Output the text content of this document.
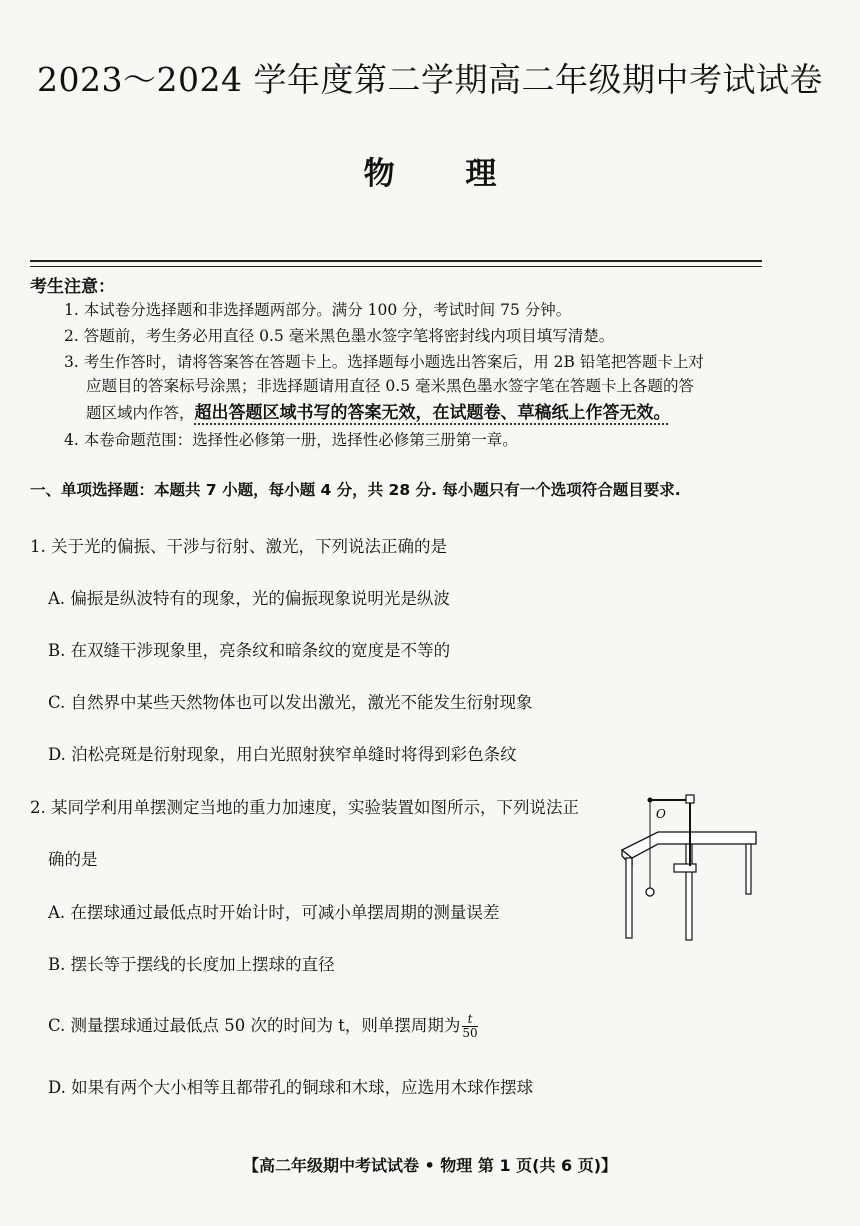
2023～2024 学年度第二学期高二年级期中考试试卷
物 理
考生注意：
1. 本试卷分选择题和非选择题两部分。满分 100 分，考试时间 75 分钟。
2. 答题前，考生务必用直径 0.5 毫米黑色墨水签字笔将密封线内项目填写清楚。
3. 考生作答时，请将答案答在答题卡上。选择题每小题选出答案后，用 2B 铅笔把答题卡上对
应题目的答案标号涂黑；非选择题请用直径 0.5 毫米黑色墨水签字笔在答题卡上各题的答
题区域内作答，超出答题区域书写的答案无效，在试题卷、草稿纸上作答无效。
4. 本卷命题范围：选择性必修第一册，选择性必修第三册第一章。
一、单项选择题：本题共 7 小题，每小题 4 分，共 28 分. 每小题只有一个选项符合题目要求.
1. 关于光的偏振、干涉与衍射、激光，下列说法正确的是
A. 偏振是纵波特有的现象，光的偏振现象说明光是纵波
B. 在双缝干涉现象里，亮条纹和暗条纹的宽度是不等的
C. 自然界中某些天然物体也可以发出激光，激光不能发生衍射现象
D. 泊松亮斑是衍射现象，用白光照射狭窄单缝时将得到彩色条纹
2. 某同学利用单摆测定当地的重力加速度，实验装置如图所示，下列说法正
确的是
A. 在摆球通过最低点时开始计时，可减小单摆周期的测量误差
B. 摆长等于摆线的长度加上摆球的直径
C. 测量摆球通过最低点 50 次的时间为 t，则单摆周期为 $\frac{t}{50}$
D. 如果有两个大小相等且都带孔的铜球和木球，应选用木球作摆球
O
【高二年级期中考试试卷 • 物理 第 1 页(共 6 页)】
